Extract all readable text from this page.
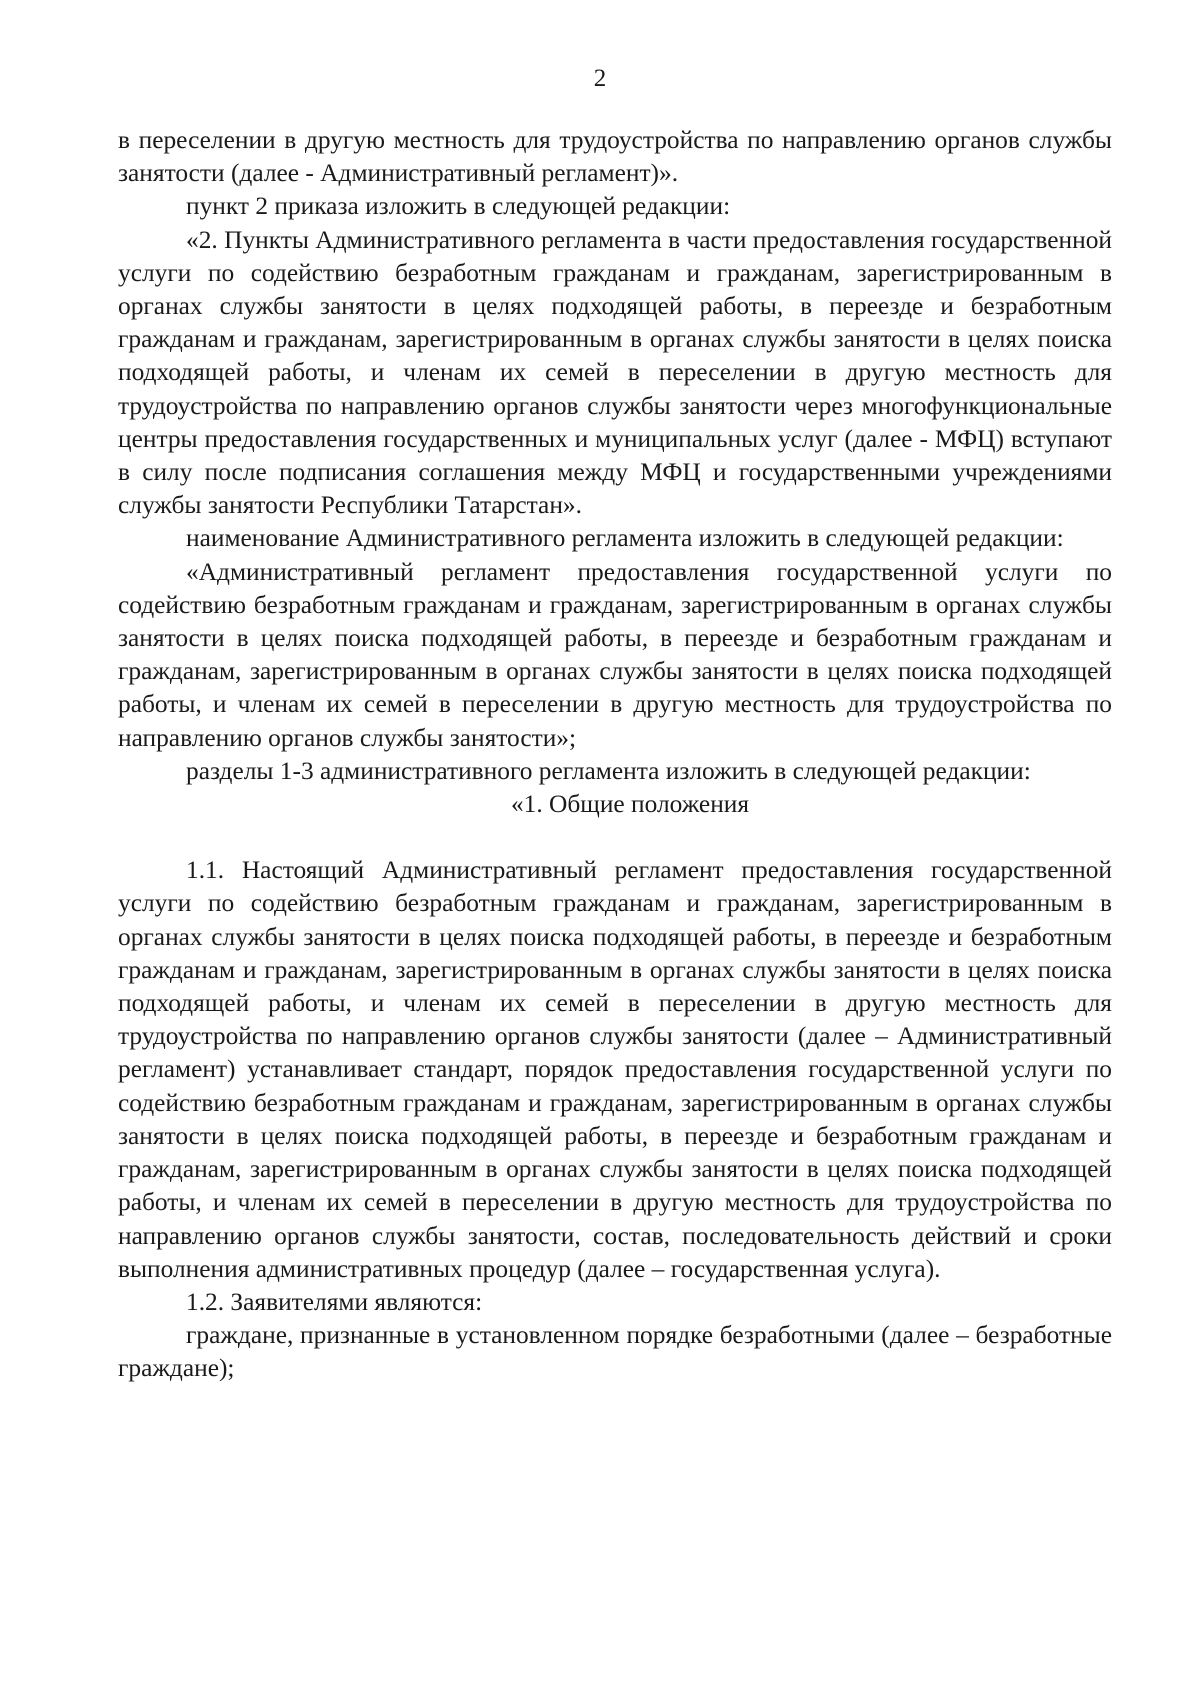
2

в переселении в другую местность для трудоустройства по направлению органов службы занятости (далее - Административный регламент)».

пункт 2 приказа изложить в следующей редакции:

«2. Пункты Административного регламента в части предоставления государственной услуги по содействию безработным гражданам и гражданам, зарегистрированным в органах службы занятости в целях подходящей работы, в переезде и безработным гражданам и гражданам, зарегистрированным в органах службы занятости в целях поиска подходящей работы, и членам их семей в переселении в другую местность для трудоустройства по направлению органов службы занятости через многофункциональные центры предоставления государственных и муниципальных услуг (далее - МФЦ) вступают в силу после подписания соглашения между МФЦ и государственными учреждениями службы занятости Республики Татарстан».

наименование Административного регламента изложить в следующей редакции:

«Административный регламент предоставления государственной услуги по содействию безработным гражданам и гражданам, зарегистрированным в органах службы занятости в целях поиска подходящей работы, в переезде и безработным гражданам и гражданам, зарегистрированным в органах службы занятости в целях поиска подходящей работы, и членам их семей в переселении в другую местность для трудоустройства по направлению органов службы занятости»;

разделы 1-3 административного регламента изложить в следующей редакции:

«1. Общие положения

1.1. Настоящий Административный регламент предоставления государственной услуги по содействию безработным гражданам и гражданам, зарегистрированным в органах службы занятости в целях поиска подходящей работы, в переезде и безработным гражданам и гражданам, зарегистрированным в органах службы занятости в целях поиска подходящей работы, и членам их семей в переселении в другую местность для трудоустройства по направлению органов службы занятости (далее – Административный регламент) устанавливает стандарт, порядок предоставления государственной услуги по содействию безработным гражданам и гражданам, зарегистрированным в органах службы занятости в целях поиска подходящей работы, в переезде и безработным гражданам и гражданам, зарегистрированным в органах службы занятости в целях поиска подходящей работы, и членам их семей в переселении в другую местность для трудоустройства по направлению органов службы занятости, состав, последовательность действий и сроки выполнения административных процедур (далее – государственная услуга).

1.2. Заявителями являются:

граждане, признанные в установленном порядке безработными (далее – безработные граждане);
